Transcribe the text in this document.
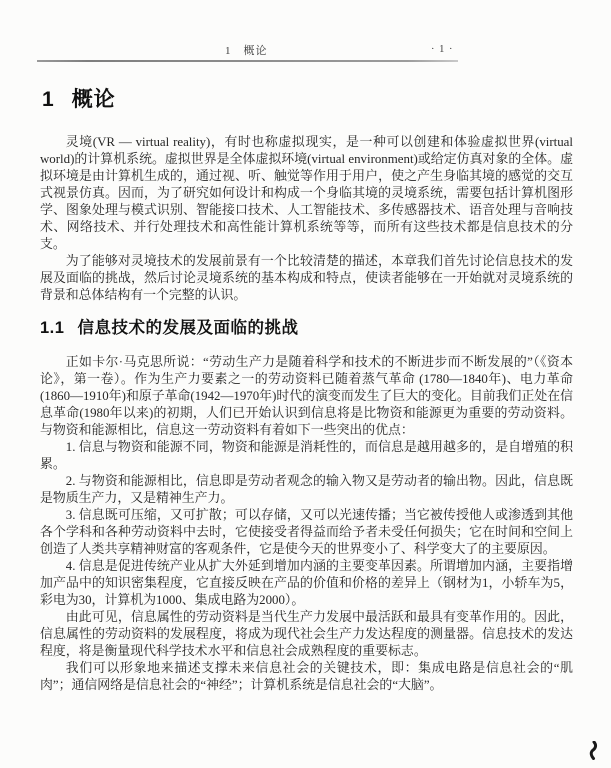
1　概论	· 1 ·
1 概论

灵境(VR — virtual reality)，有时也称虚拟现实，是一种可以创建和体验虚拟世界(virtual world)的计算机系统。虚拟世界是全体虚拟环境(virtual environment)或给定仿真对象的全体。虚拟环境是由计算机生成的，通过视、听、触觉等作用于用户，使之产生身临其境的感觉的交互式视景仿真。因而，为了研究如何设计和构成一个身临其境的灵境系统，需要包括计算机图形学、图象处理与模式识别、智能接口技术、人工智能技术、多传感器技术、语音处理与音响技术、网络技术、并行处理技术和高性能计算机系统等等，而所有这些技术都是信息技术的分支。

为了能够对灵境技术的发展前景有一个比较清楚的描述，本章我们首先讨论信息技术的发展及面临的挑战，然后讨论灵境系统的基本构成和特点，使读者能够在一开始就对灵境系统的背景和总体结构有一个完整的认识。

1.1 信息技术的发展及面临的挑战

正如卡尔·马克思所说：“劳动生产力是随着科学和技术的不断进步而不断发展的”（《资本论》，第一卷）。作为生产力要素之一的劳动资料已随着蒸气革命 (1780—1840年)、电力革命(1860—1910年)和原子革命(1942—1970年)时代的演变而发生了巨大的变化。目前我们正处在信息革命(1980年以来)的初期，人们已开始认识到信息将是比物资和能源更为重要的劳动资料。与物资和能源相比，信息这一劳动资料有着如下一些突出的优点：

1. 信息与物资和能源不同，物资和能源是消耗性的，而信息是越用越多的，是自增殖的积累。

2. 与物资和能源相比，信息即是劳动者观念的输入物又是劳动者的输出物。因此，信息既是物质生产力，又是精神生产力。

3. 信息既可压缩，又可扩散；可以存储，又可以光速传播；当它被传授他人或渗透到其他各个学科和各种劳动资料中去时，它使接受者得益而给予者未受任何损失；它在时间和空间上创造了人类共享精神财富的客观条件，它是使今天的世界变小了、科学变大了的主要原因。

4. 信息是促进传统产业从扩大外延到增加内涵的主要变革因素。所谓增加内涵，主要指增加产品中的知识密集程度，它直接反映在产品的价值和价格的差异上（钢材为1，小轿车为5，彩电为30，计算机为1000、集成电路为2000）。

由此可见，信息属性的劳动资料是当代生产力发展中最活跃和最具有变革作用的。因此，信息属性的劳动资料的发展程度，将成为现代社会生产力发达程度的测量器。信息技术的发达程度，将是衡量现代科学技术水平和信息社会成熟程度的重要标志。

我们可以形象地来描述支撑未来信息社会的关键技术，即：集成电路是信息社会的“肌肉”；通信网络是信息社会的“神经”；计算机系统是信息社会的“大脑”。
